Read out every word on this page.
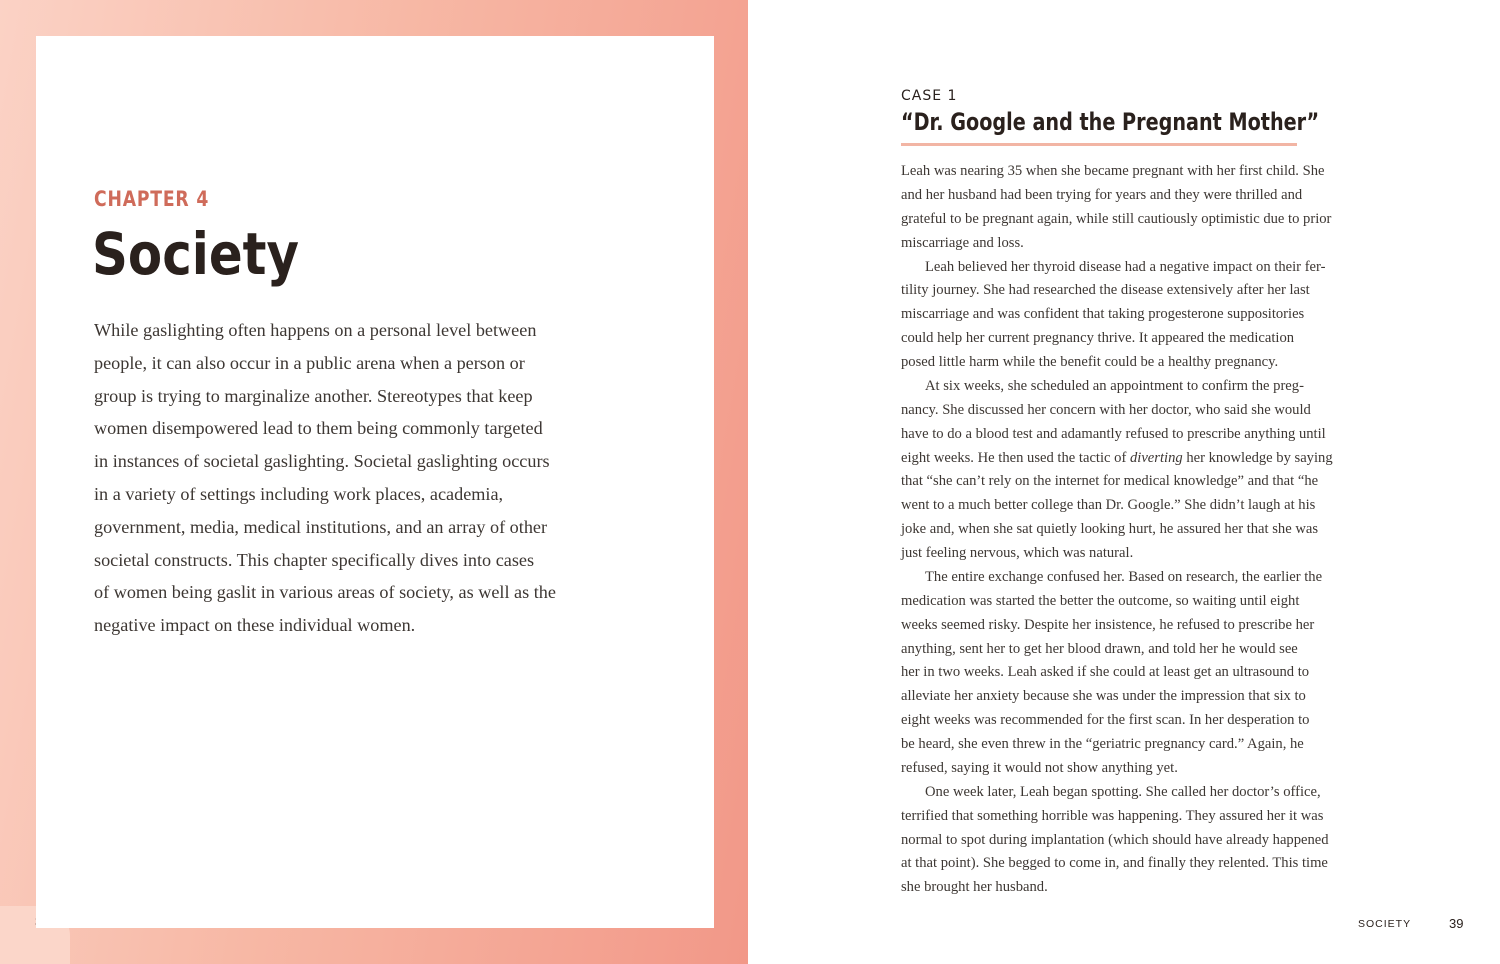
CHAPTER 4
Society
While gaslighting often happens on a personal level between
people, it can also occur in a public arena when a person or
group is trying to marginalize another. Stereotypes that keep
women disempowered lead to them being commonly targeted
in instances of societal gaslighting. Societal gaslighting occurs
in a variety of settings including work places, academia,
government, media, medical institutions, and an array of other
societal constructs. This chapter specifically dives into cases
of women being gaslit in various areas of society, as well as the
negative impact on these individual women.
CASE 1
“Dr. Google and the Pregnant Mother”
Leah was nearing 35 when she became pregnant with her first child. She
and her husband had been trying for years and they were thrilled and
grateful to be pregnant again, while still cautiously optimistic due to prior
miscarriage and loss.
Leah believed her thyroid disease had a negative impact on their fer-
tility journey. She had researched the disease extensively after her last
miscarriage and was confident that taking progesterone suppositories
could help her current pregnancy thrive. It appeared the medication
posed little harm while the benefit could be a healthy pregnancy.
At six weeks, she scheduled an appointment to confirm the preg-
nancy. She discussed her concern with her doctor, who said she would
have to do a blood test and adamantly refused to prescribe anything until
eight weeks. He then used the tactic of diverting her knowledge by saying
that “she can’t rely on the internet for medical knowledge” and that “he
went to a much better college than Dr. Google.” She didn’t laugh at his
joke and, when she sat quietly looking hurt, he assured her that she was
just feeling nervous, which was natural.
The entire exchange confused her. Based on research, the earlier the
medication was started the better the outcome, so waiting until eight
weeks seemed risky. Despite her insistence, he refused to prescribe her
anything, sent her to get her blood drawn, and told her he would see
her in two weeks. Leah asked if she could at least get an ultrasound to
alleviate her anxiety because she was under the impression that six to
eight weeks was recommended for the first scan. In her desperation to
be heard, she even threw in the “geriatric pregnancy card.” Again, he
refused, saying it would not show anything yet.
One week later, Leah began spotting. She called her doctor’s office,
terrified that something horrible was happening. They assured her it was
normal to spot during implantation (which should have already happened
at that point). She begged to come in, and finally they relented. This time
she brought her husband.
SOCIETY	39
